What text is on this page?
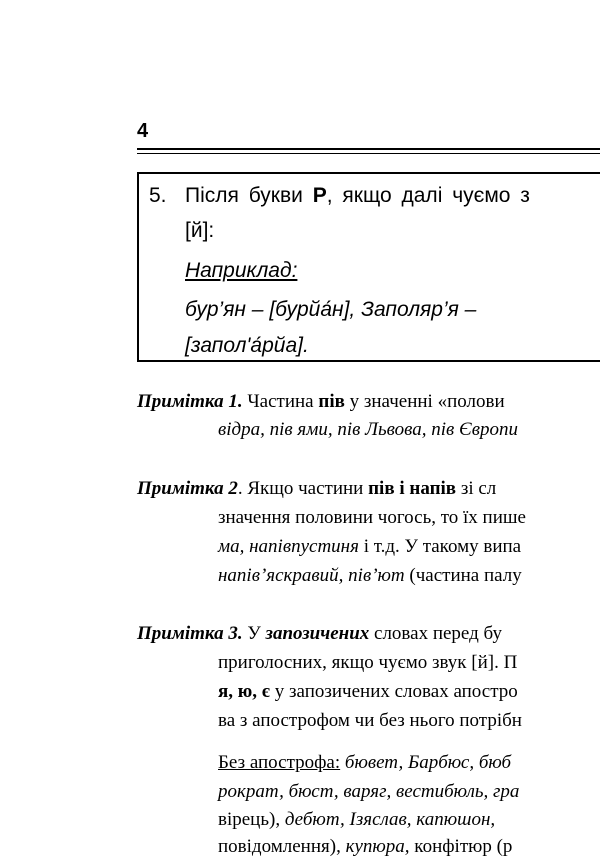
4
5. Після букви Р, якщо далі чуємо з
[й]:
Наприклад:
бур’ян – [бурйа́н], Заполяр’я –
[запол'а́рйа].
Примітка 1. Частина пів у значенні «полови
відра, пів ями, пів Львова, пів Європи
Примітка 2. Якщо частини пів і напів зі сл
значення половини чогось, то їх пише
ма, напівпустиня і т.д. У такому випа
напів’яскравий, пів’ют (частина палу
Примітка 3. У запозичених словах перед бу
приголосних, якщо чуємо звук [й]. П
я, ю, є у запозичених словах апостро
ва з апострофом чи без нього потрібн
Без апострофа: бювет, Барбюс, бюб
рократ, бюст, варяг, вестибюль, гра
вірець), дебют, Ізяслав, капюшон,
повідомлення), купюра, конфітюр (р
